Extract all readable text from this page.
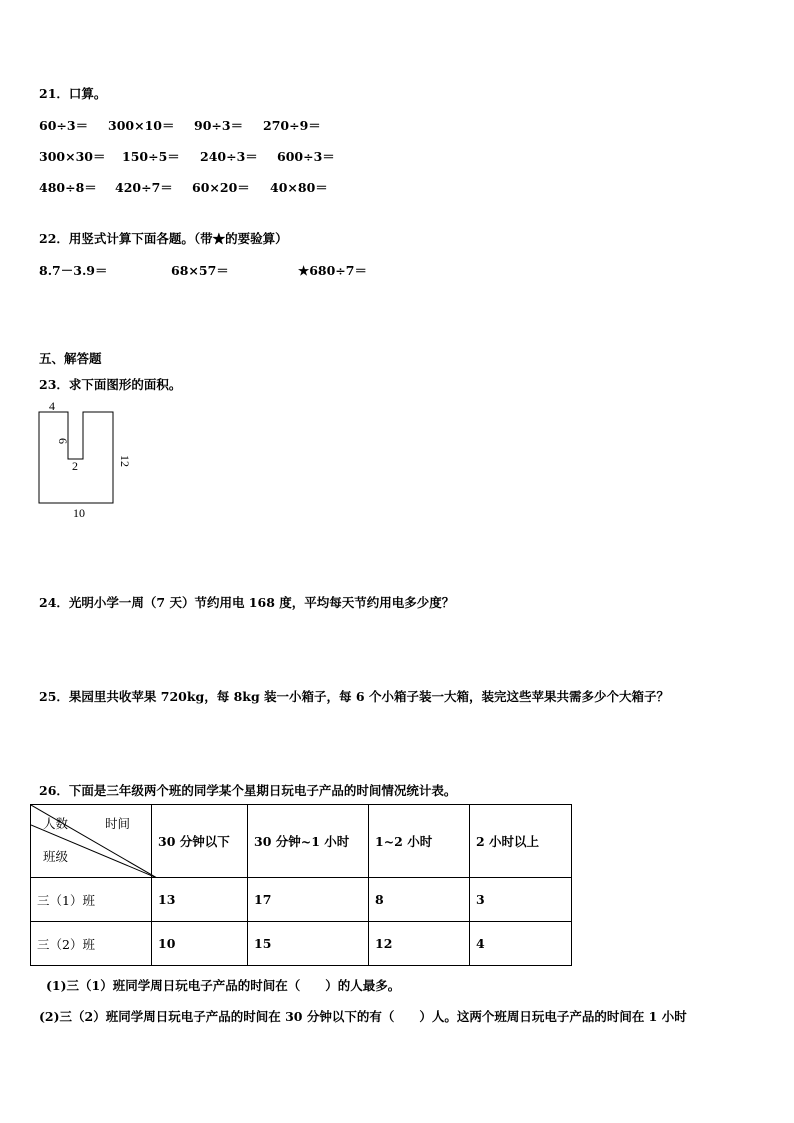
21．口算。
60÷3＝ 300×10＝ 90÷3＝ 270÷9＝
300×30＝ 150÷5＝ 240÷3＝ 600÷3＝
480÷8＝ 420÷7＝ 60×20＝ 40×80＝
22．用竖式计算下面各题。（带★的要验算）
8.7－3.9＝	68×57＝	★680÷7＝
五、解答题
23．求下面图形的面积。
4
6
2	12
10
24．光明小学一周（7 天）节约用电 168 度，平均每天节约用电多少度？
25．果园里共收苹果 720kg，每 8kg 装一小箱子，每 6 个小箱子装一大箱，装完这些苹果共需多少个大箱子？
26．下面是三年级两个班的同学某个星期日玩电子产品的时间情况统计表。
人数 时间
班级	30 分钟以下	30 分钟~1 小时	1~2 小时	2 小时以上
三（1）班	13	17	8	3
三（2）班	10	15	12	4
(1)三（1）班同学周日玩电子产品的时间在（　　）的人最多。
(2)三（2）班同学周日玩电子产品的时间在 30 分钟以下的有（　　）人。这两个班周日玩电子产品的时间在 1 小时
